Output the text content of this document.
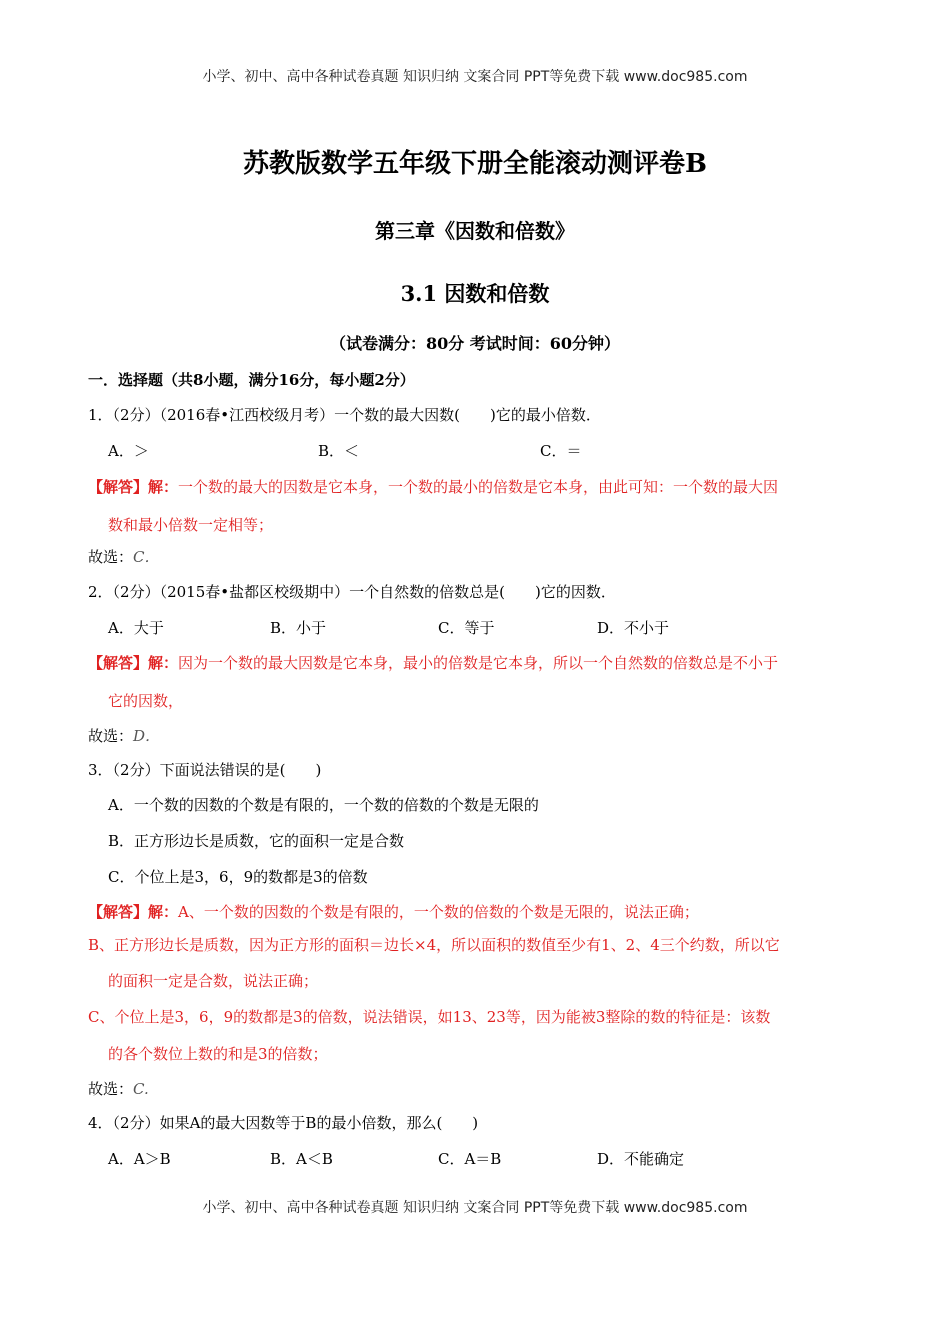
小学、初中、高中各种试卷真题 知识归纳 文案合同 PPT等免费下载 www.doc985.com
苏教版数学五年级下册全能滚动测评卷B
第三章《因数和倍数》
3.1 因数和倍数
（试卷满分：80分 考试时间：60分钟）
一．选择题（共8小题，满分16分，每小题2分）
1．（2分）（2016春•江西校级月考）一个数的最大因数(　　)它的最小倍数．
A．＞	B．＜	C．＝
【解答】解：一个数的最大的因数是它本身，一个数的最小的倍数是它本身，由此可知：一个数的最大因
数和最小倍数一定相等；
故选：C．
2．（2分）（2015春•盐都区校级期中）一个自然数的倍数总是(　　)它的因数．
A．大于	B．小于	C．等于	D．不小于
【解答】解：因为一个数的最大因数是它本身，最小的倍数是它本身，所以一个自然数的倍数总是不小于
它的因数，
故选：D．
3．（2分）下面说法错误的是(　　)
A．一个数的因数的个数是有限的，一个数的倍数的个数是无限的
B．正方形边长是质数，它的面积一定是合数
C．个位上是3，6，9的数都是3的倍数
【解答】解：A、一个数的因数的个数是有限的，一个数的倍数的个数是无限的，说法正确；
B、正方形边长是质数，因为正方形的面积＝边长×4，所以面积的数值至少有1、2、4三个约数，所以它
的面积一定是合数，说法正确；
C、个位上是3，6，9的数都是3的倍数，说法错误，如13、23等，因为能被3整除的数的特征是：该数
的各个数位上数的和是3的倍数；
故选：C.
4．（2分）如果A的最大因数等于B的最小倍数，那么(　　)
A．A＞B	B．A＜B	C．A＝B	D．不能确定
小学、初中、高中各种试卷真题 知识归纳 文案合同 PPT等免费下载 www.doc985.com
